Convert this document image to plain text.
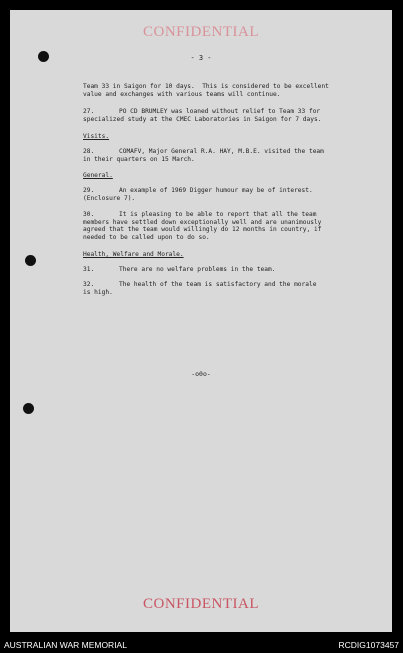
CONFIDENTIAL
- 3 -
Team 33 in Saigon for 10 days.  This is considered to be excellent
value and exchanges with various teams will continue.
27.	PO CD BRUMLEY was loaned without relief to Team 33 for
specialized study at the CMEC Laboratories in Saigon for 7 days.
Visits.
28.	COMAFV, Major General R.A. HAY, M.B.E. visited the team
in their quarters on 15 March.
General.
29.	An example of 1969 Digger humour may be of interest.
(Enclosure 7).
30.	It is pleasing to be able to report that all the team
members have settled down exceptionally well and are unanimously
agreed that the team would willingly do 12 months in country, if
needed to be called upon to do so.
Health, Welfare and Morale.
31.	There are no welfare problems in the team.
32.	The health of the team is satisfactory and the morale
is high.
-o0o-
CONFIDENTIAL
AUSTRALIAN WAR MEMORIAL	RCDIG1073457
